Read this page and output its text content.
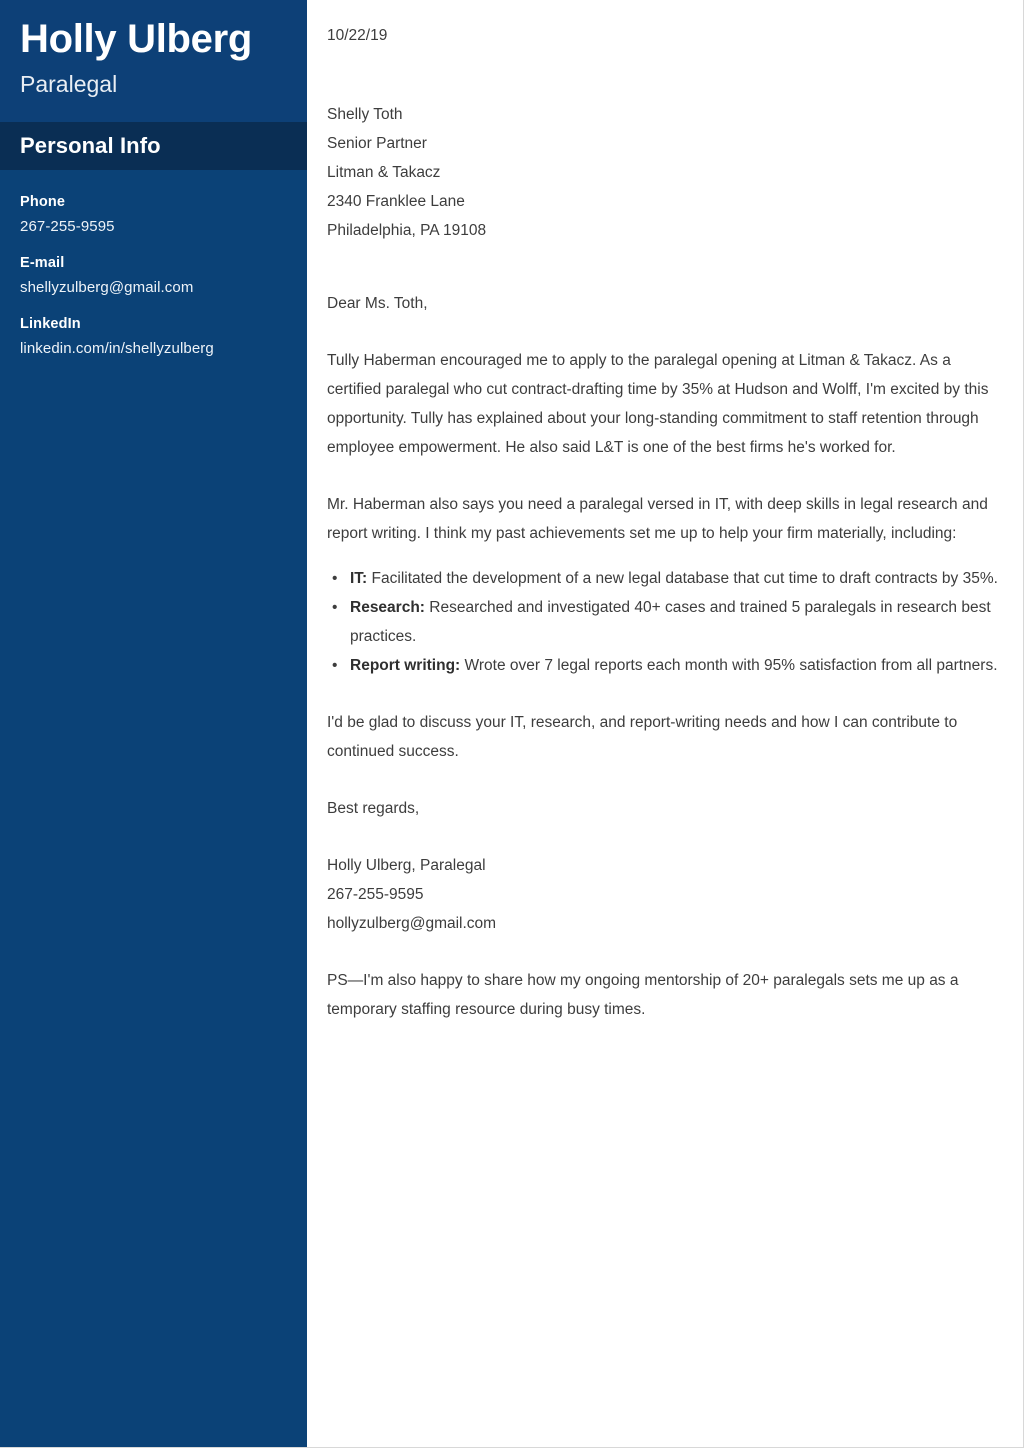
Holly Ulberg
Paralegal
Personal Info
Phone
267-255-9595
E-mail
shellyzulberg@gmail.com
LinkedIn
linkedin.com/in/shellyzulberg
10/22/19
Shelly Toth
Senior Partner
Litman & Takacz
2340 Franklee Lane
Philadelphia, PA 19108
Dear Ms. Toth,

Tully Haberman encouraged me to apply to the paralegal opening at Litman & Takacz. As a certified paralegal who cut contract-drafting time by 35% at Hudson and Wolff, I'm excited by this opportunity. Tully has explained about your long-standing commitment to staff retention through employee empowerment. He also said L&T is one of the best firms he's worked for.

Mr. Haberman also says you need a paralegal versed in IT, with deep skills in legal research and report writing. I think my past achievements set me up to help your firm materially, including:

• IT: Facilitated the development of a new legal database that cut time to draft contracts by 35%.
• Research: Researched and investigated 40+ cases and trained 5 paralegals in research best practices.
• Report writing: Wrote over 7 legal reports each month with 95% satisfaction from all partners.

I'd be glad to discuss your IT, research, and report-writing needs and how I can contribute to continued success.

Best regards,

Holly Ulberg, Paralegal
267-255-9595
hollyzulberg@gmail.com

PS—I'm also happy to share how my ongoing mentorship of 20+ paralegals sets me up as a temporary staffing resource during busy times.
